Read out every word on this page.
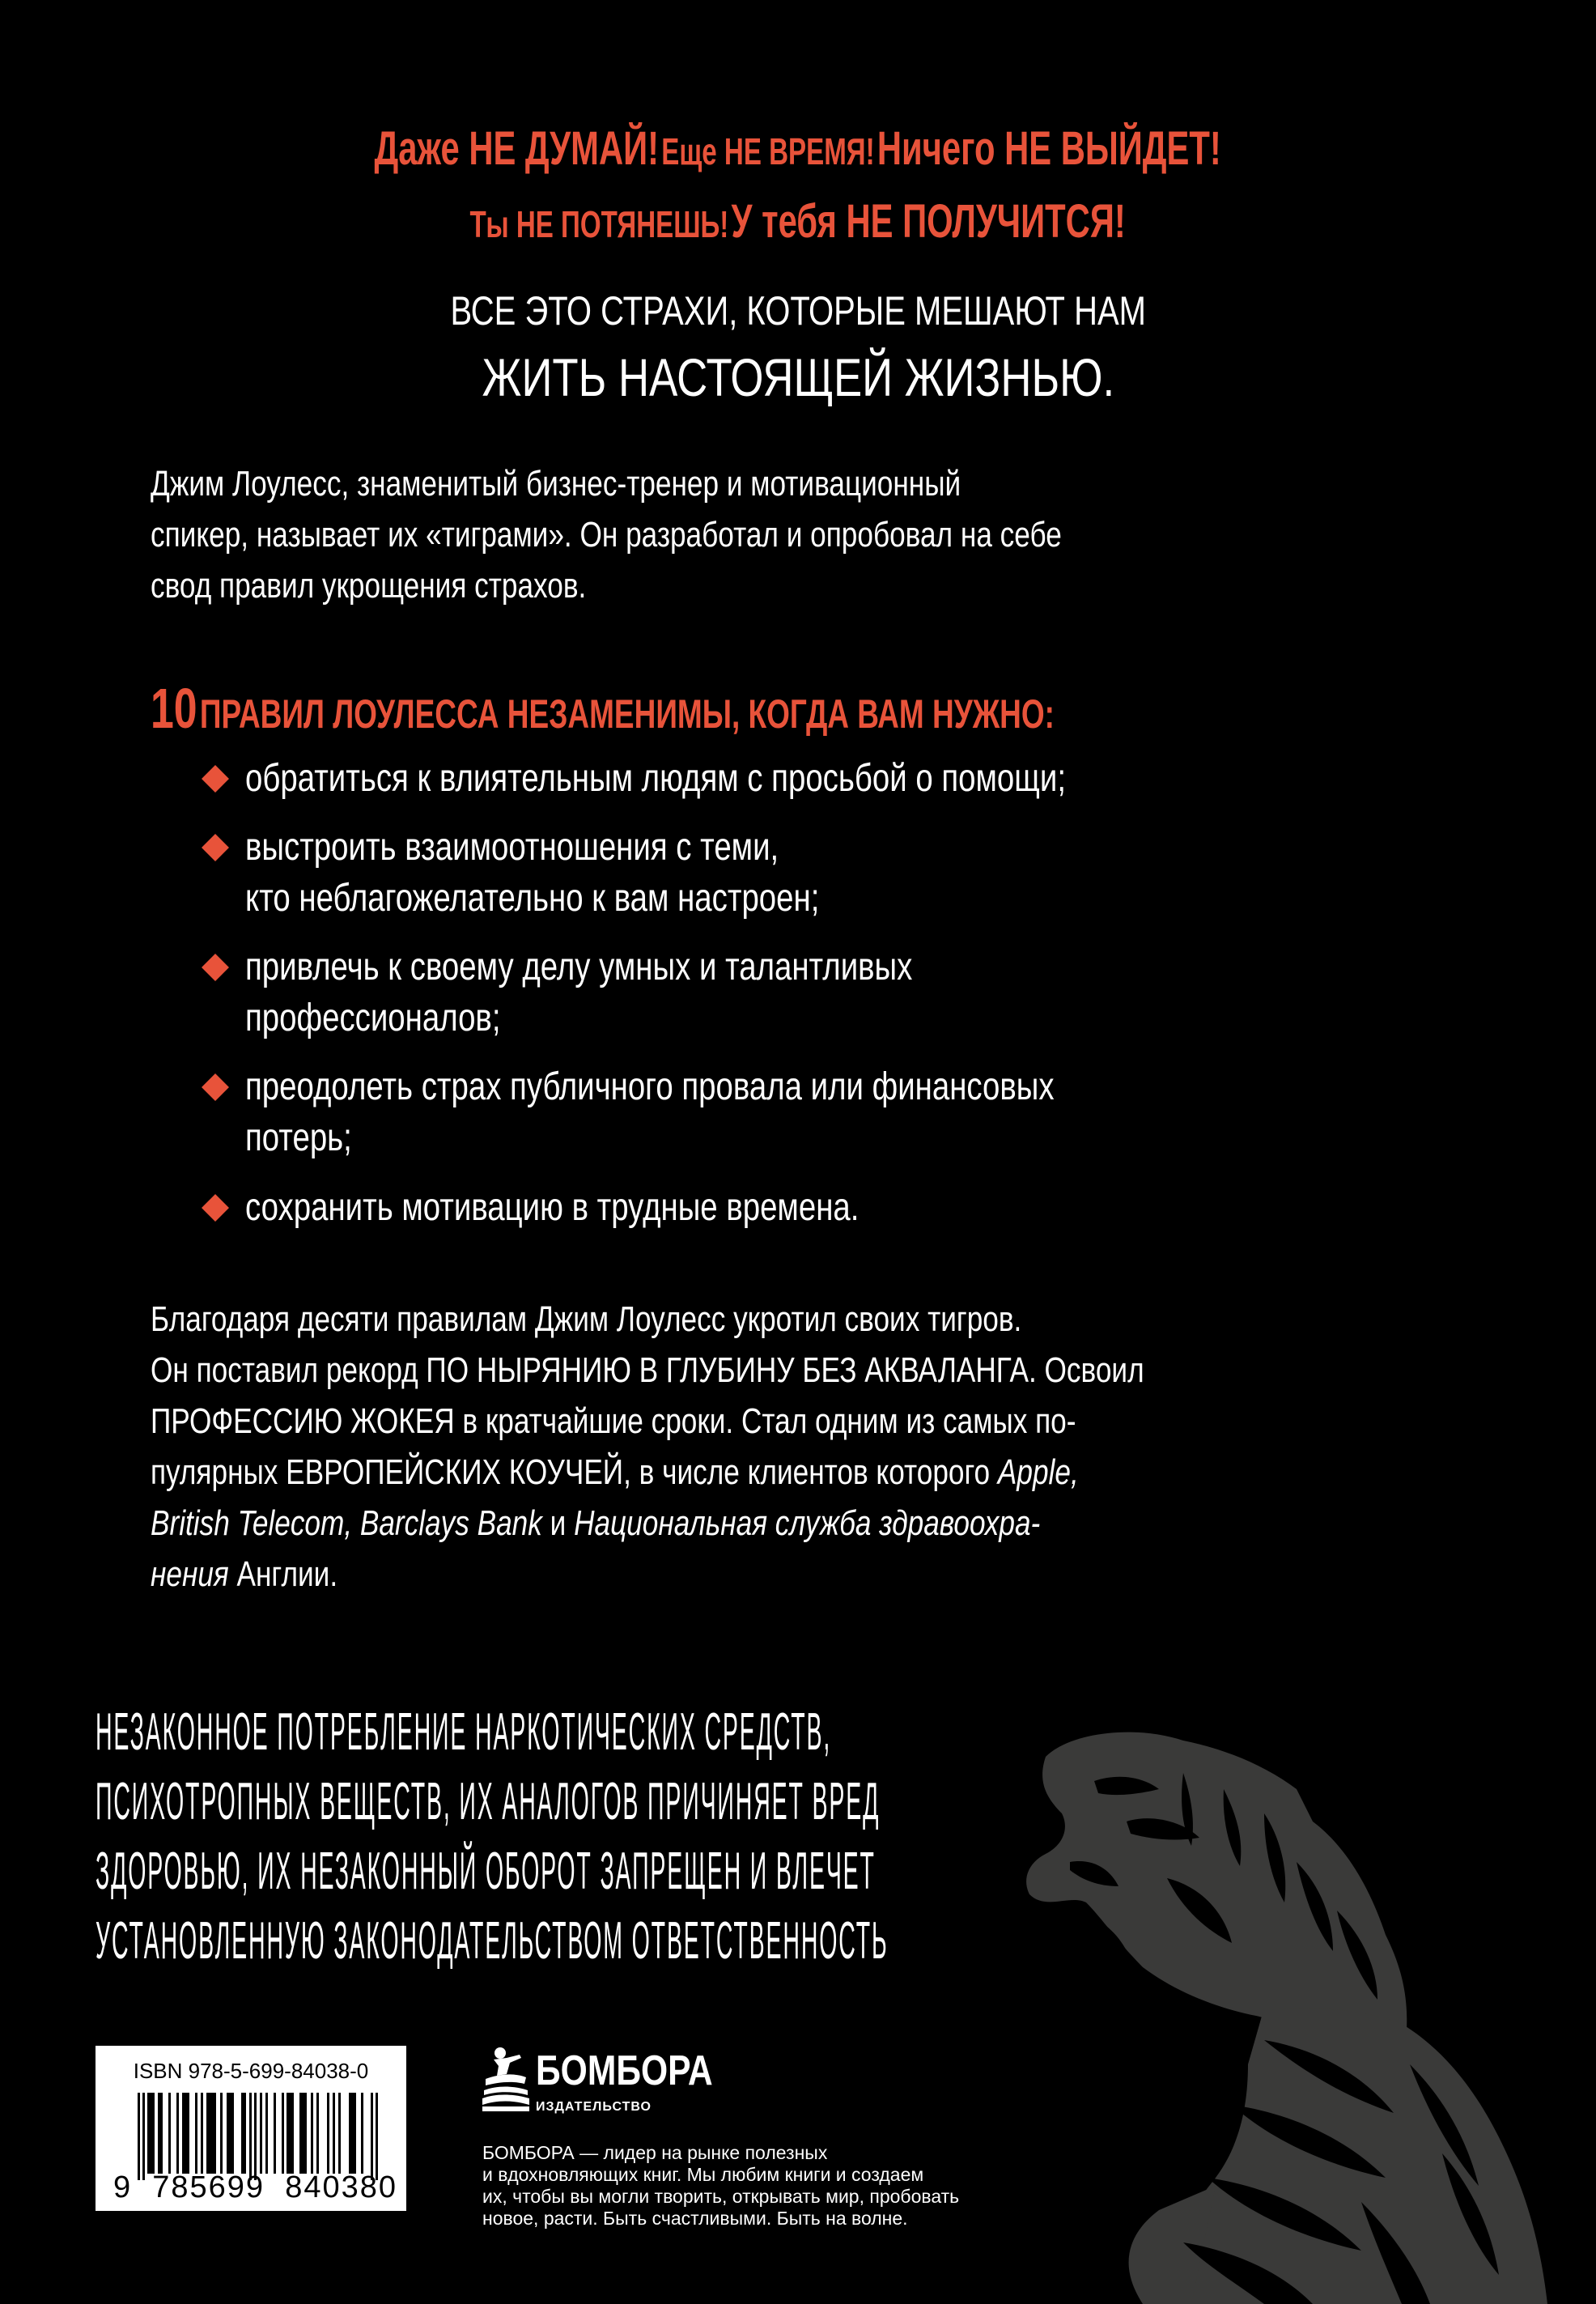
Даже НЕ ДУМАЙ! Еще НЕ ВРЕМЯ! Ничего НЕ ВЫЙДЕТ!
Ты НЕ ПОТЯНЕШЬ! У тебя НЕ ПОЛУЧИТСЯ!
ВСЕ ЭТО СТРАХИ, КОТОРЫЕ МЕШАЮТ НАМ
ЖИТЬ НАСТОЯЩЕЙ ЖИЗНЬЮ.
Джим Лоулесс, знаменитый бизнес-тренер и мотивационный
спикер, называет их «тиграми». Он разработал и опробовал на себе
свод правил укрощения страхов.
10 ПРАВИЛ ЛОУЛЕССА НЕЗАМЕНИМЫ, КОГДА ВАМ НУЖНО:
обратиться к влиятельным людям с просьбой о помощи;
выстроить взаимоотношения с теми,
кто неблагожелательно к вам настроен;
привлечь к своему делу умных и талантливых
профессионалов;
преодолеть страх публичного провала или финансовых
потерь;
сохранить мотивацию в трудные времена.
Благодаря десяти правилам Джим Лоулесс укротил своих тигров.
Он поставил рекорд ПО НЫРЯНИЮ В ГЛУБИНУ БЕЗ АКВАЛАНГА. Освоил
ПРОФЕССИЮ ЖОКЕЯ в кратчайшие сроки. Стал одним из самых по-
пулярных ЕВРОПЕЙСКИХ КОУЧЕЙ, в числе клиентов которого Apple,
British Telecom, Barclays Bank и Национальная служба здравоохра-
нения Англии.
НЕЗАКОННОЕ ПОТРЕБЛЕНИЕ НАРКОТИЧЕСКИХ СРЕДСТВ,
ПСИХОТРОПНЫХ ВЕЩЕСТВ, ИХ АНАЛОГОВ ПРИЧИНЯЕТ ВРЕД
ЗДОРОВЬЮ, ИХ НЕЗАКОННЫЙ ОБОРОТ ЗАПРЕЩЕН И ВЛЕЧЕТ
УСТАНОВЛЕННУЮ ЗАКОНОДАТЕЛЬСТВОМ ОТВЕТСТВЕННОСТЬ
ISBN 978-5-699-84038-0
9 785699 840380 >
БОМБОРА
ИЗДАТЕЛЬСТВО
БОМБОРА — лидер на рынке полезных
и вдохновляющих книг. Мы любим книги и создаем
их, чтобы вы могли творить, открывать мир, пробовать
новое, расти. Быть счастливыми. Быть на волне.
